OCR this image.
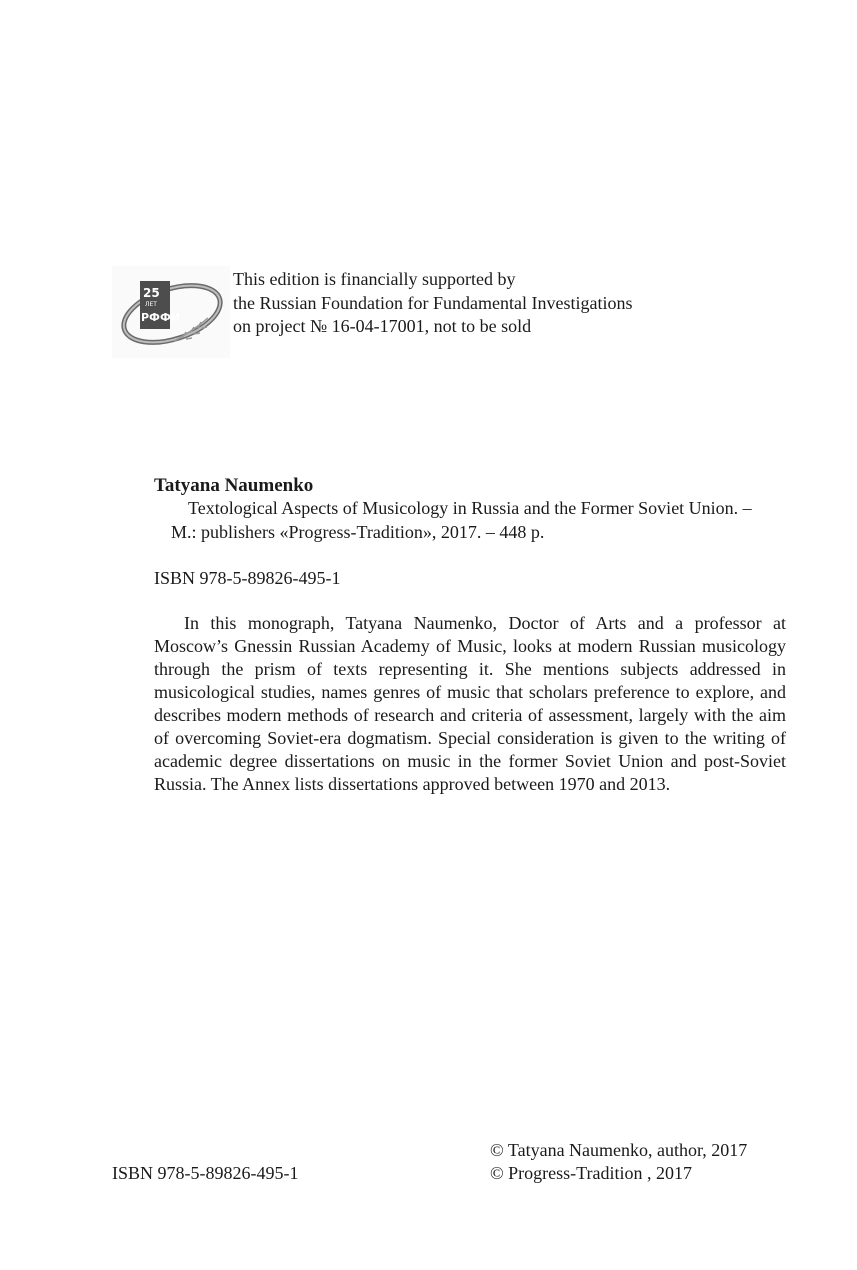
25
ЛЕТ
РФФИ
This edition is financially supported by
the Russian Foundation for Fundamental Investigations
on project № 16-04-17001, not to be sold
Tatyana Naumenko
Textological Aspects of Musicology in Russia and the Former Soviet Union. –
M.: publishers «Progress-Tradition», 2017. – 448 p.
ISBN 978-5-89826-495-1

In this monograph, Tatyana Naumenko, Doctor of Arts and a professor at Moscow’s Gnessin Russian Academy of Music, looks at modern Russian musicology through the prism of texts representing it. She mentions subjects addressed in musicological studies, names genres of music that scholars preference to explore, and describes modern methods of research and criteria of assessment, largely with the aim of overcoming Soviet-era dogmatism. Special consideration is given to the writing of academic degree dissertations on music in the former Soviet Union and post-Soviet Russia. The Annex lists dissertations approved between 1970 and 2013.

ISBN 978-5-89826-495-1
© Tatyana Naumenko, author, 2017
© Progress-Tradition , 2017
